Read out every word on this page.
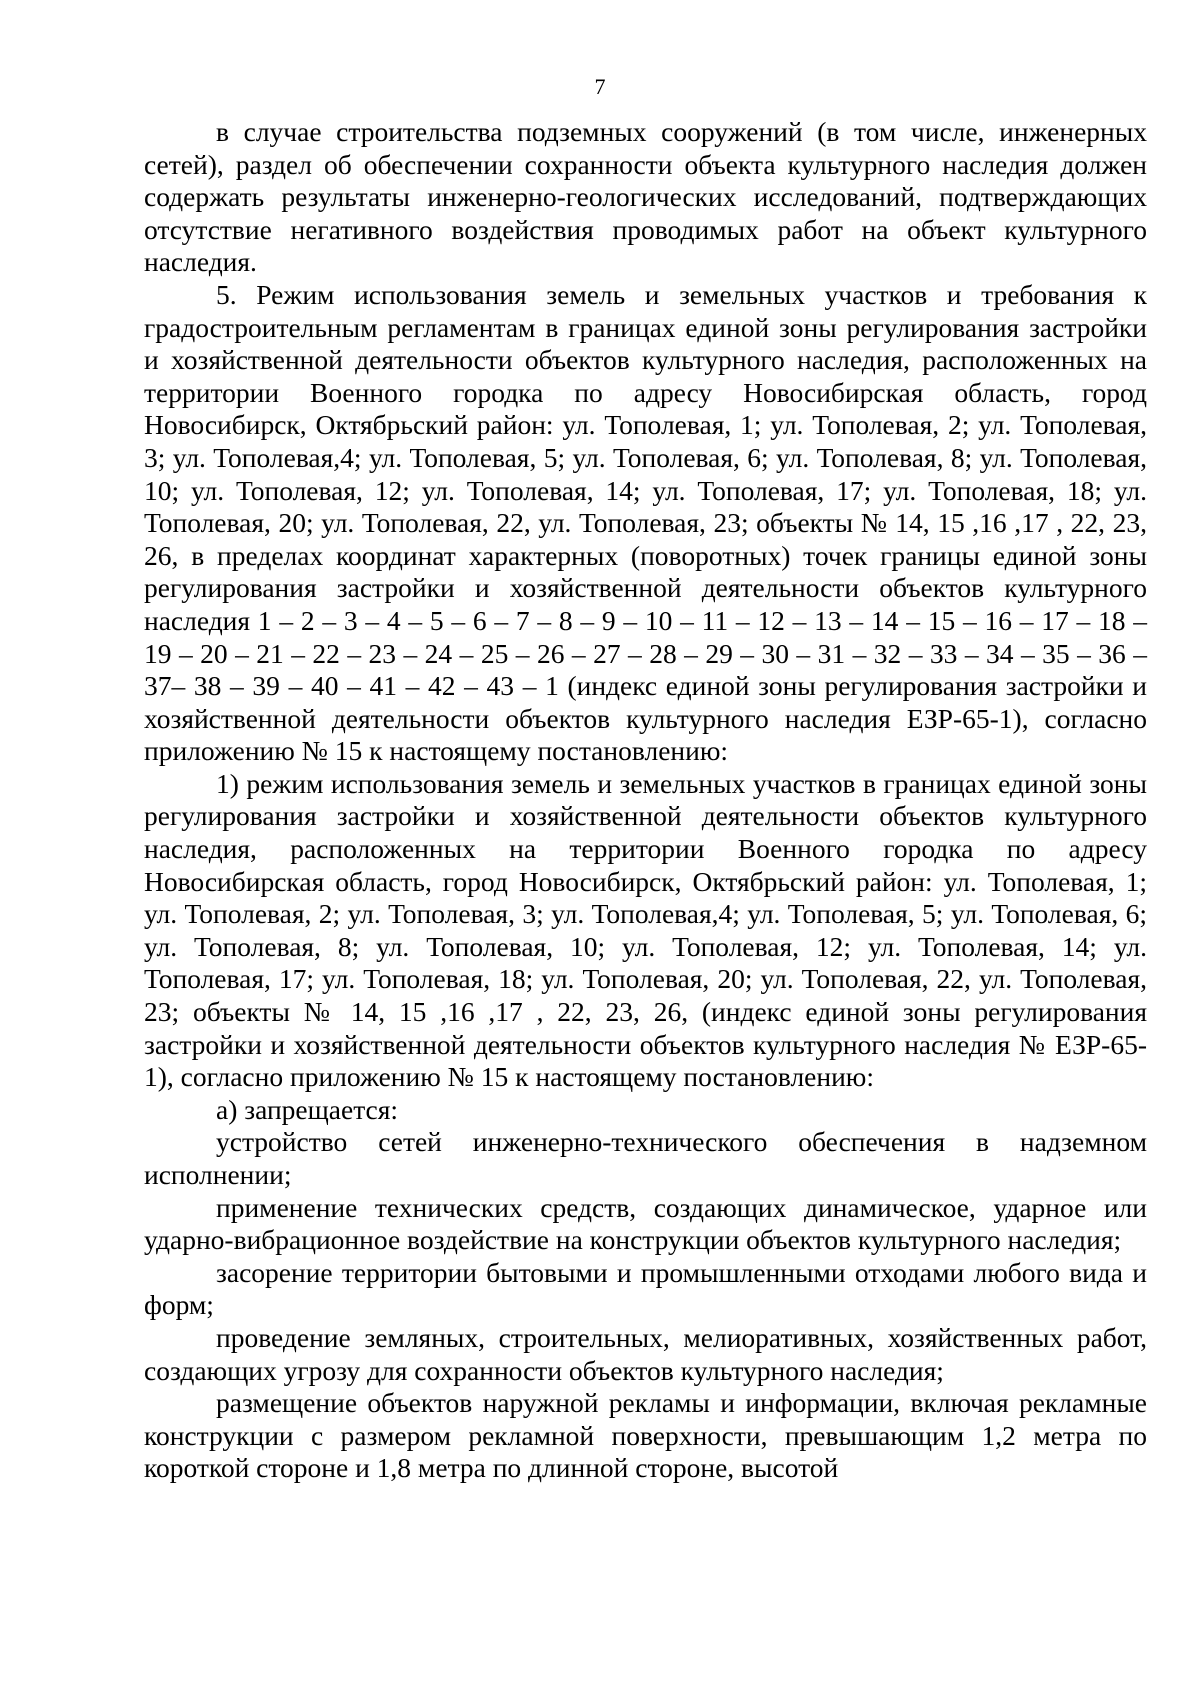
7

в случае строительства подземных сооружений (в том числе, инженерных сетей), раздел об обеспечении сохранности объекта культурного наследия должен содержать результаты инженерно-геологических исследований, подтверждающих отсутствие негативного воздействия проводимых работ на объект культурного наследия.

5. Режим использования земель и земельных участков и требования к градостроительным регламентам в границах единой зоны регулирования застройки и хозяйственной деятельности объектов культурного наследия, расположенных на территории Военного городка по адресу Новосибирская область, город Новосибирск, Октябрьский район: ул. Тополевая, 1; ул. Тополевая, 2; ул. Тополевая, 3; ул. Тополевая,4; ул. Тополевая, 5; ул. Тополевая, 6; ул. Тополевая, 8; ул. Тополевая, 10; ул. Тополевая, 12; ул. Тополевая, 14; ул. Тополевая, 17; ул. Тополевая, 18; ул. Тополевая, 20; ул. Тополевая, 22, ул. Тополевая, 23; объекты № 14, 15 ,16 ,17 , 22, 23, 26, в пределах координат характерных (поворотных) точек границы единой зоны регулирования застройки и хозяйственной деятельности объектов культурного наследия 1 – 2 – 3 – 4 – 5 – 6 – 7 – 8 – 9 – 10 – 11 – 12 – 13 – 14 – 15 – 16 – 17 – 18 – 19 – 20 – 21 – 22 – 23 – 24 – 25 – 26 – 27 – 28 – 29 – 30 – 31 – 32 – 33 – 34 – 35 – 36 – 37– 38 – 39 – 40 – 41 – 42 – 43 – 1 (индекс единой зоны регулирования застройки и хозяйственной деятельности объектов культурного наследия ЕЗР-65-1), согласно приложению № 15 к настоящему постановлению:

1) режим использования земель и земельных участков в границах единой зоны регулирования застройки и хозяйственной деятельности объектов культурного наследия, расположенных на территории Военного городка по адресу Новосибирская область, город Новосибирск, Октябрьский район: ул. Тополевая, 1; ул. Тополевая, 2; ул. Тополевая, 3; ул. Тополевая,4; ул. Тополевая, 5; ул. Тополевая, 6; ул. Тополевая, 8; ул. Тополевая, 10; ул. Тополевая, 12; ул. Тополевая, 14; ул. Тополевая, 17; ул. Тополевая, 18; ул. Тополевая, 20; ул. Тополевая, 22, ул. Тополевая, 23; объекты № 14, 15 ,16 ,17 , 22, 23, 26, (индекс единой зоны регулирования застройки и хозяйственной деятельности объектов культурного наследия № ЕЗР-65-1), согласно приложению № 15 к настоящему постановлению:

а) запрещается:

устройство сетей инженерно-технического обеспечения в надземном исполнении;

применение технических средств, создающих динамическое, ударное или ударно-вибрационное воздействие на конструкции объектов культурного наследия;

засорение территории бытовыми и промышленными отходами любого вида и форм;

проведение земляных, строительных, мелиоративных, хозяйственных работ, создающих угрозу для сохранности объектов культурного наследия;

размещение объектов наружной рекламы и информации, включая рекламные конструкции с размером рекламной поверхности, превышающим 1,2 метра по короткой стороне и 1,8 метра по длинной стороне, высотой
